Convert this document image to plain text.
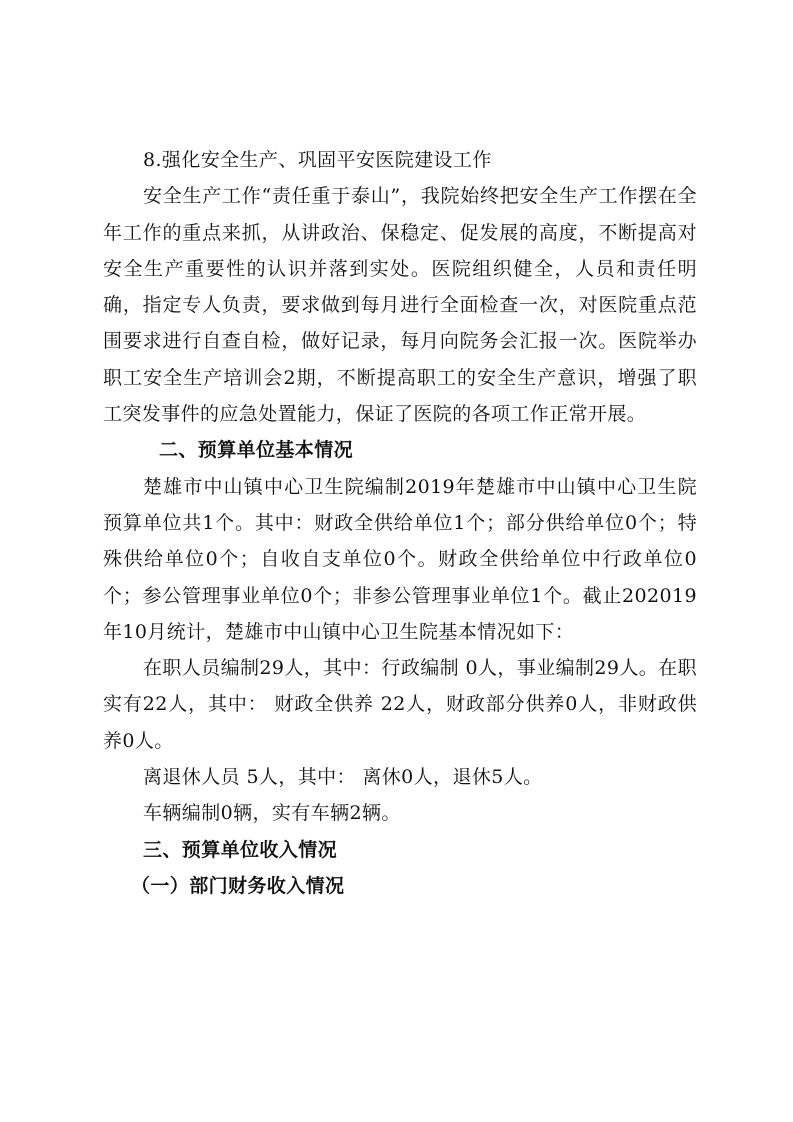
8.强化安全生产、巩固平安医院建设工作

安全生产工作“责任重于泰山”，我院始终把安全生产工作摆在全年工作的重点来抓，从讲政治、保稳定、促发展的高度，不断提高对安全生产重要性的认识并落到实处。医院组织健全，人员和责任明确，指定专人负责，要求做到每月进行全面检查一次，对医院重点范围要求进行自查自检，做好记录，每月向院务会汇报一次。医院举办职工安全生产培训会2期，不断提高职工的安全生产意识，增强了职工突发事件的应急处置能力，保证了医院的各项工作正常开展。

二、预算单位基本情况

楚雄市中山镇中心卫生院编制2019年楚雄市中山镇中心卫生院预算单位共1个。其中：财政全供给单位1个；部分供给单位0个；特殊供给单位0个；自收自支单位0个。财政全供给单位中行政单位0个；参公管理事业单位0个；非参公管理事业单位1个。截止202019年10月统计，楚雄市中山镇中心卫生院基本情况如下：

在职人员编制29人，其中：行政编制 0人，事业编制29人。在职实有22人，其中： 财政全供养 22人，财政部分供养0人，非财政供养0人。

离退休人员 5人，其中： 离休0人，退休5人。

车辆编制0辆，实有车辆2辆。

三、预算单位收入情况

（一）部门财务收入情况
